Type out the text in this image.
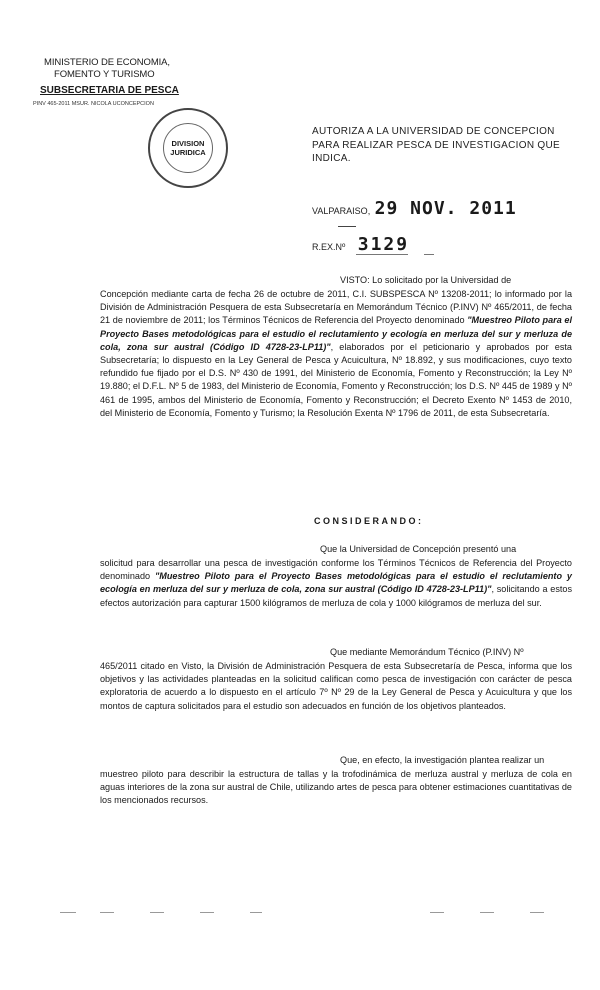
MINISTERIO DE ECONOMIA,
FOMENTO Y TURISMO
SUBSECRETARIA DE PESCA
PINV 465-2011 MSUR. NICOLA UCONCEPCION
DIVISION
JURIDICA
AUTORIZA A LA UNIVERSIDAD DE CONCEPCION
PARA REALIZAR PESCA DE INVESTIGACION QUE
INDICA.
VALPARAISO, 29 NOV. 2011
R.EX.Nº 3129
VISTO: Lo solicitado por la Universidad de
Concepción mediante carta de fecha 26 de octubre de 2011, C.I. SUBSPESCA Nº 13208-2011; lo informado por la División de Administración Pesquera de esta Subsecretaría en Memorándum Técnico (P.INV) Nº 465/2011, de fecha 21 de noviembre de 2011; los Términos Técnicos de Referencia del Proyecto denominado "Muestreo Piloto para el Proyecto Bases metodológicas para el estudio el reclutamiento y ecología en merluza del sur y merluza de cola, zona sur austral (Código ID 4728-23-LP11)", elaborados por el peticionario y aprobados por esta Subsecretaría; lo dispuesto en la Ley General de Pesca y Acuicultura, Nº 18.892, y sus modificaciones, cuyo texto refundido fue fijado por el D.S. Nº 430 de 1991, del Ministerio de Economía, Fomento y Reconstrucción; la Ley Nº 19.880; el D.F.L. Nº 5 de 1983, del Ministerio de Economía, Fomento y Reconstrucción; los D.S. Nº 445 de 1989 y Nº 461 de 1995, ambos del Ministerio de Economía, Fomento y Reconstrucción; el Decreto Exento Nº 1453 de 2010, del Ministerio de Economía, Fomento y Turismo; la Resolución Exenta Nº 1796 de 2011, de esta Subsecretaría.
CONSIDERANDO:
Que la Universidad de Concepción presentó una
solicitud para desarrollar una pesca de investigación conforme los Términos Técnicos de Referencia del Proyecto denominado "Muestreo Piloto para el Proyecto Bases metodológicas para el estudio el reclutamiento y ecología en merluza del sur y merluza de cola, zona sur austral (Código ID 4728-23-LP11)", solicitando a estos efectos autorización para capturar 1500 kilógramos de merluza de cola y 1000 kilógramos de merluza del sur.
Que mediante Memorándum Técnico (P.INV) Nº
465/2011 citado en Visto, la División de Administración Pesquera de esta Subsecretaría de Pesca, informa que los objetivos y las actividades planteadas en la solicitud califican como pesca de investigación con carácter de pesca exploratoria de acuerdo a lo dispuesto en el artículo 7º Nº 29 de la Ley General de Pesca y Acuicultura y que los montos de captura solicitados para el estudio son adecuados en función de los objetivos planteados.
Que, en efecto, la investigación plantea realizar un
muestreo piloto para describir la estructura de tallas y la trofodinámica de merluza austral y merluza de cola en aguas interiores de la zona sur austral de Chile, utilizando artes de pesca para obtener estimaciones cuantitativas de los mencionados recursos.
